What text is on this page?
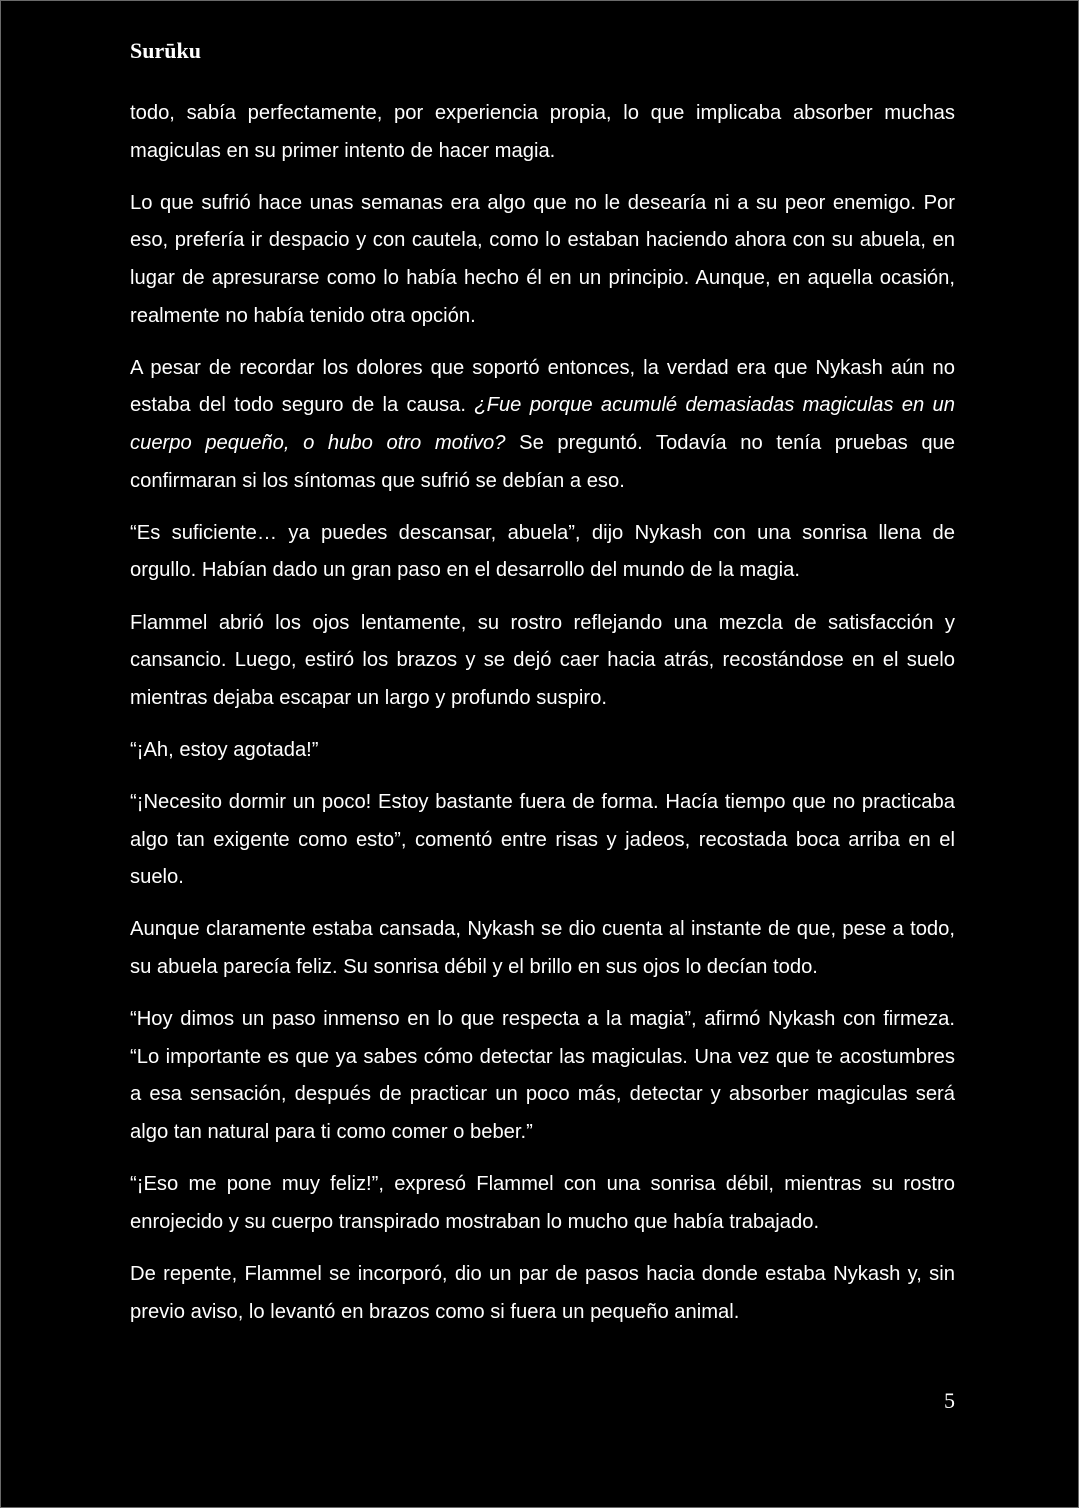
Surūku

todo, sabía perfectamente, por experiencia propia, lo que implicaba absorber muchas magiculas en su primer intento de hacer magia.

Lo que sufrió hace unas semanas era algo que no le desearía ni a su peor enemigo. Por eso, prefería ir despacio y con cautela, como lo estaban haciendo ahora con su abuela, en lugar de apresurarse como lo había hecho él en un principio. Aunque, en aquella ocasión, realmente no había tenido otra opción.

A pesar de recordar los dolores que soportó entonces, la verdad era que Nykash aún no estaba del todo seguro de la causa. ¿Fue porque acumulé demasiadas magiculas en un cuerpo pequeño, o hubo otro motivo? Se preguntó. Todavía no tenía pruebas que confirmaran si los síntomas que sufrió se debían a eso.

“Es suficiente… ya puedes descansar, abuela”, dijo Nykash con una sonrisa llena de orgullo. Habían dado un gran paso en el desarrollo del mundo de la magia.

Flammel abrió los ojos lentamente, su rostro reflejando una mezcla de satisfacción y cansancio. Luego, estiró los brazos y se dejó caer hacia atrás, recostándose en el suelo mientras dejaba escapar un largo y profundo suspiro.

“¡Ah, estoy agotada!”

“¡Necesito dormir un poco! Estoy bastante fuera de forma. Hacía tiempo que no practicaba algo tan exigente como esto”, comentó entre risas y jadeos, recostada boca arriba en el suelo.

Aunque claramente estaba cansada, Nykash se dio cuenta al instante de que, pese a todo, su abuela parecía feliz. Su sonrisa débil y el brillo en sus ojos lo decían todo.

“Hoy dimos un paso inmenso en lo que respecta a la magia”, afirmó Nykash con firmeza. “Lo importante es que ya sabes cómo detectar las magiculas. Una vez que te acostumbres a esa sensación, después de practicar un poco más, detectar y absorber magiculas será algo tan natural para ti como comer o beber.”

“¡Eso me pone muy feliz!”, expresó Flammel con una sonrisa débil, mientras su rostro enrojecido y su cuerpo transpirado mostraban lo mucho que había trabajado.

De repente, Flammel se incorporó, dio un par de pasos hacia donde estaba Nykash y, sin previo aviso, lo levantó en brazos como si fuera un pequeño animal.

5
